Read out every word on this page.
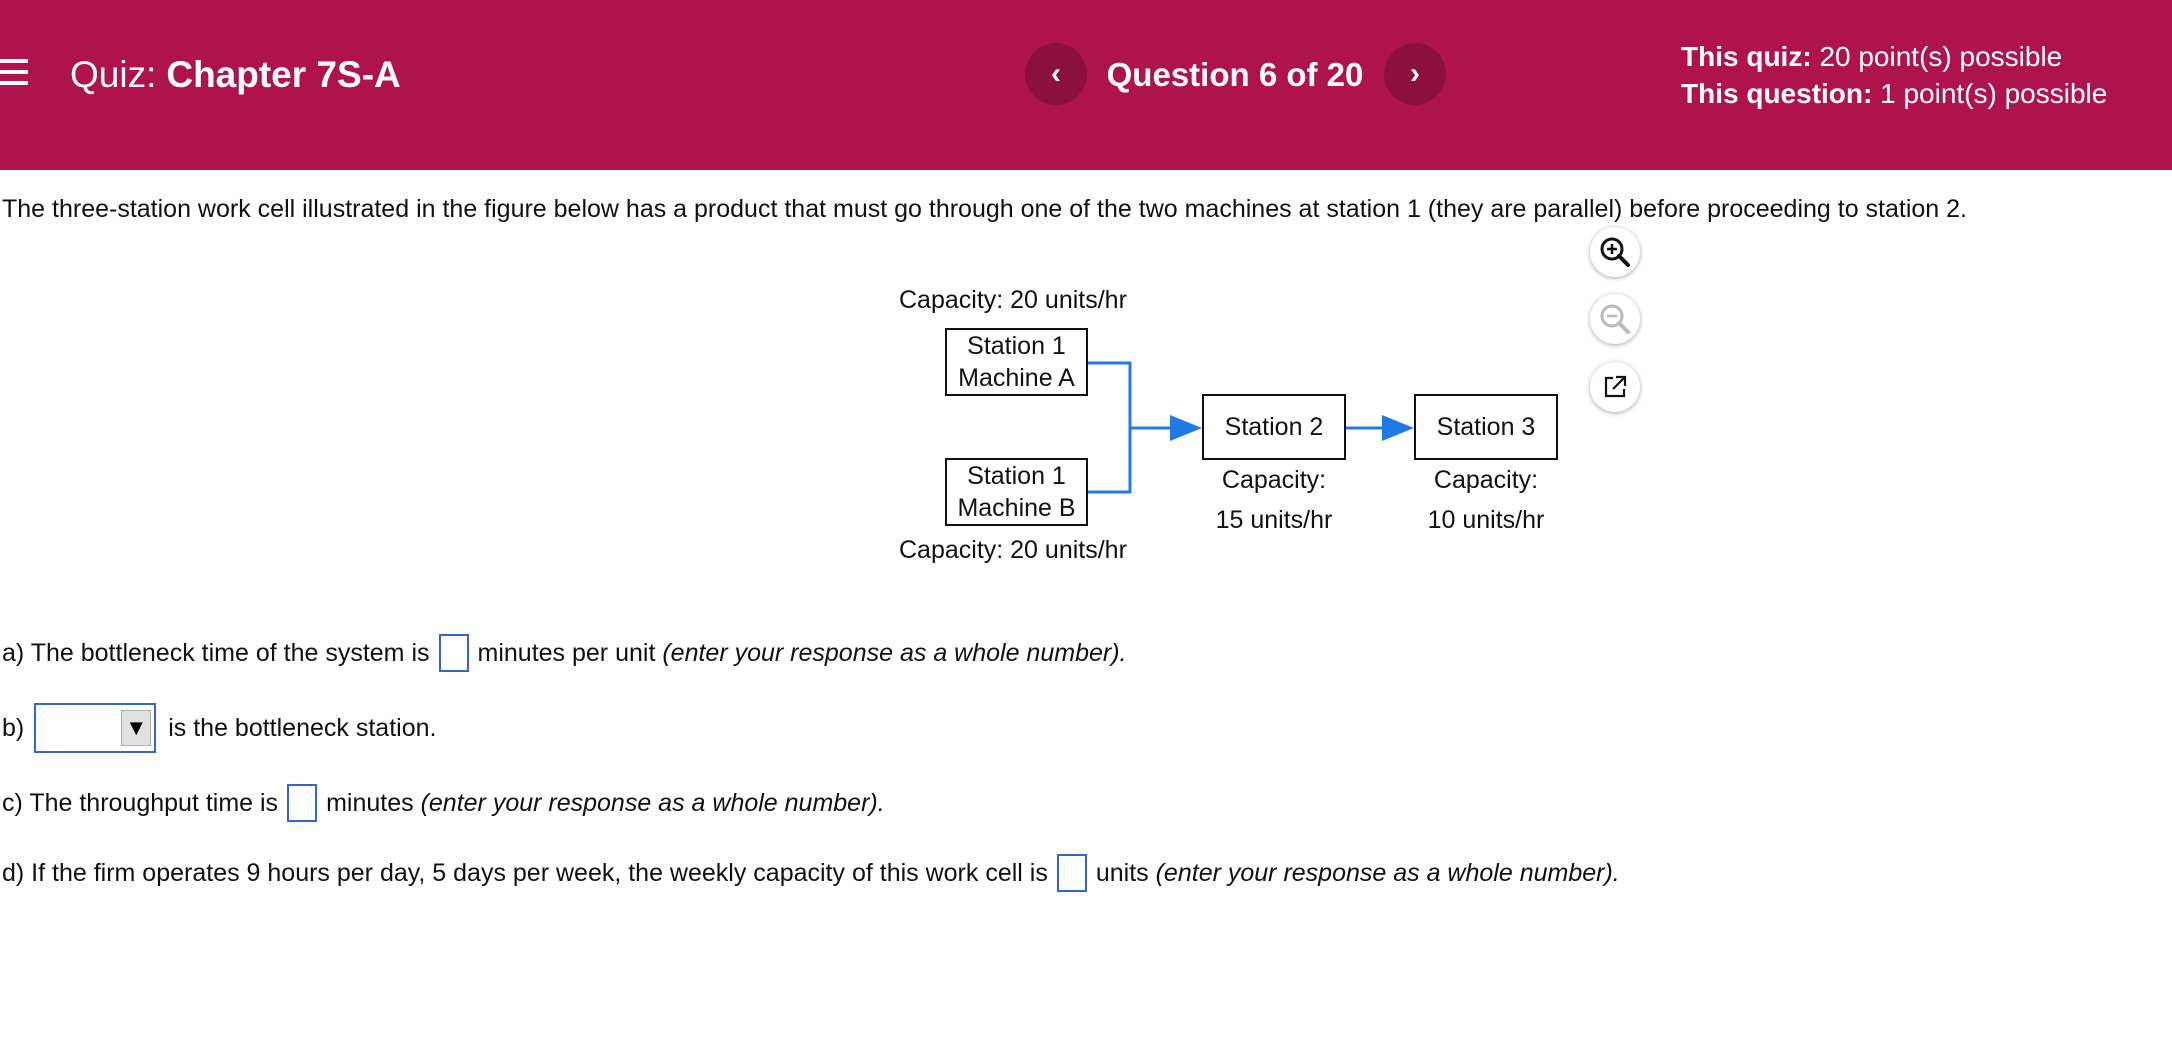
Quiz: Chapter 7S-A	‹ Question 6 of 20 ›
This quiz: 20 point(s) possible
This question: 1 point(s) possible
The three-station work cell illustrated in the figure below has a product that must go through one of the two machines at station 1 (they are parallel) before proceeding to station 2.
Capacity: 20 units/hr
Station 1
Machine A
Station 1
Machine B
Capacity: 20 units/hr
Station 2
Capacity:
15 units/hr
Station 3
Capacity:
10 units/hr
a) The bottleneck time of the system is minutes per unit
(enter your response as a whole number).
b)	▼ is the bottleneck station.
c) The throughput time is minutes
(enter your response as a whole number).
d) If the firm operates 9 hours per day, 5 days per week, the weekly capacity of this work cell is units
(enter your response as a whole number).
